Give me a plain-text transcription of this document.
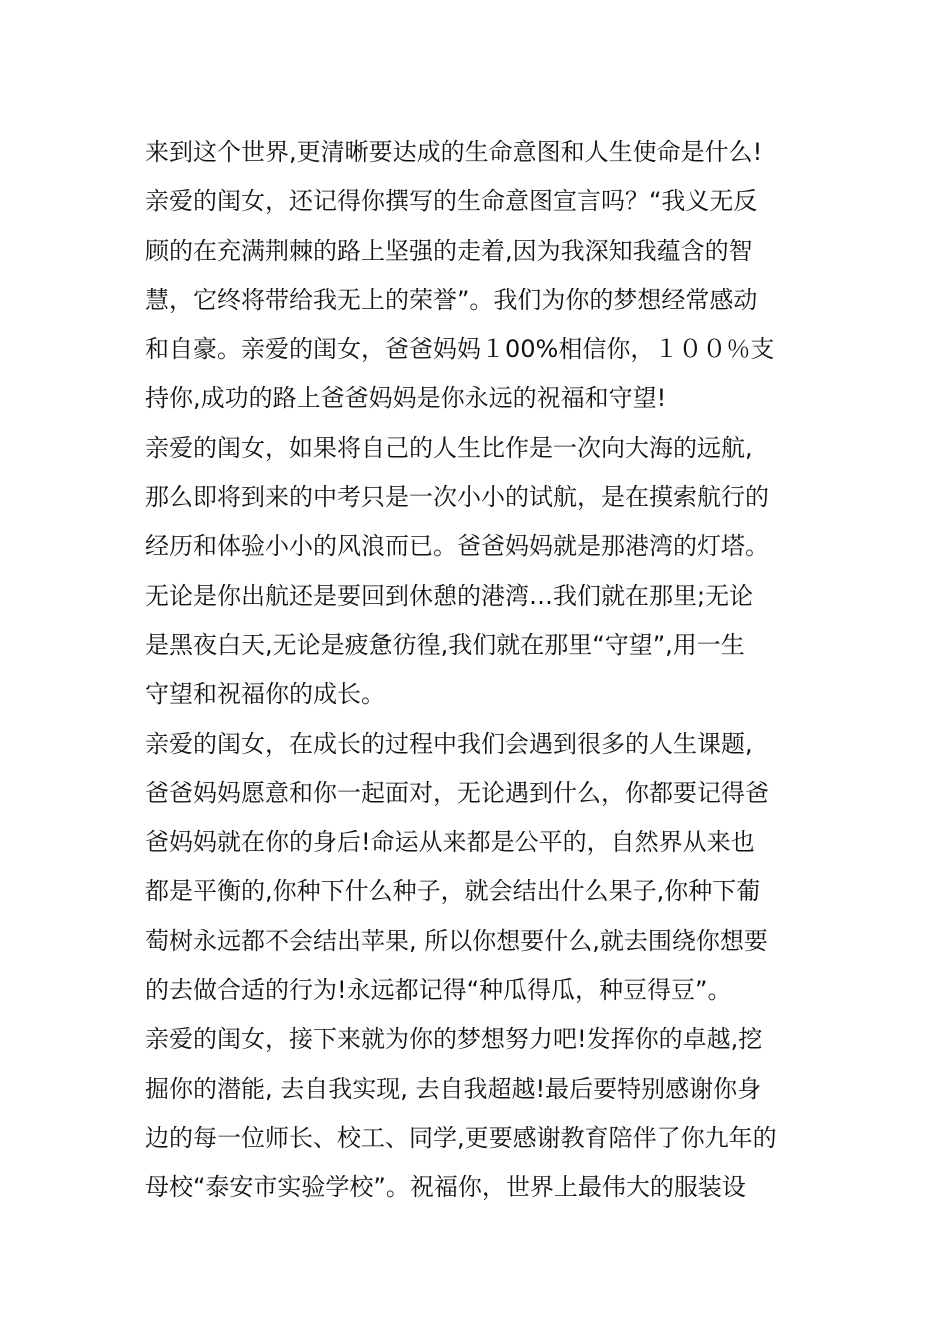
来到这个世界,更清晰要达成的生命意图和人生使命是什么!
亲爱的闺女，还记得你撰写的生命意图宣言吗？“我义无反
顾的在充满荆棘的路上坚强的走着,因为我深知我蕴含的智
慧，它终将带给我无上的荣誉”。我们为你的梦想经常感动
和自豪。亲爱的闺女，爸爸妈妈１00%相信你，１００％支
持你,成功的路上爸爸妈妈是你永远的祝福和守望!
亲爱的闺女，如果将自己的人生比作是一次向大海的远航,
那么即将到来的中考只是一次小小的试航，是在摸索航行的
经历和体验小小的风浪而已。爸爸妈妈就是那港湾的灯塔。
无论是你出航还是要回到休憩的港湾…我们就在那里;无论
是黑夜白天,无论是疲惫彷徨,我们就在那里“守望”,用一生
守望和祝福你的成长。
亲爱的闺女，在成长的过程中我们会遇到很多的人生课题,
爸爸妈妈愿意和你一起面对，无论遇到什么，你都要记得爸
爸妈妈就在你的身后!命运从来都是公平的，自然界从来也
都是平衡的,你种下什么种子，就会结出什么果子,你种下葡
萄树永远都不会结出苹果, 所以你想要什么,就去围绕你想要
的去做合适的行为!永远都记得“种瓜得瓜，种豆得豆”。
亲爱的闺女，接下来就为你的梦想努力吧!发挥你的卓越,挖
掘你的潜能, 去自我实现, 去自我超越!最后要特别感谢你身
边的每一位师长、校工、同学,更要感谢教育陪伴了你九年的
母校“泰安市实验学校”。祝福你，世界上最伟大的服装设
